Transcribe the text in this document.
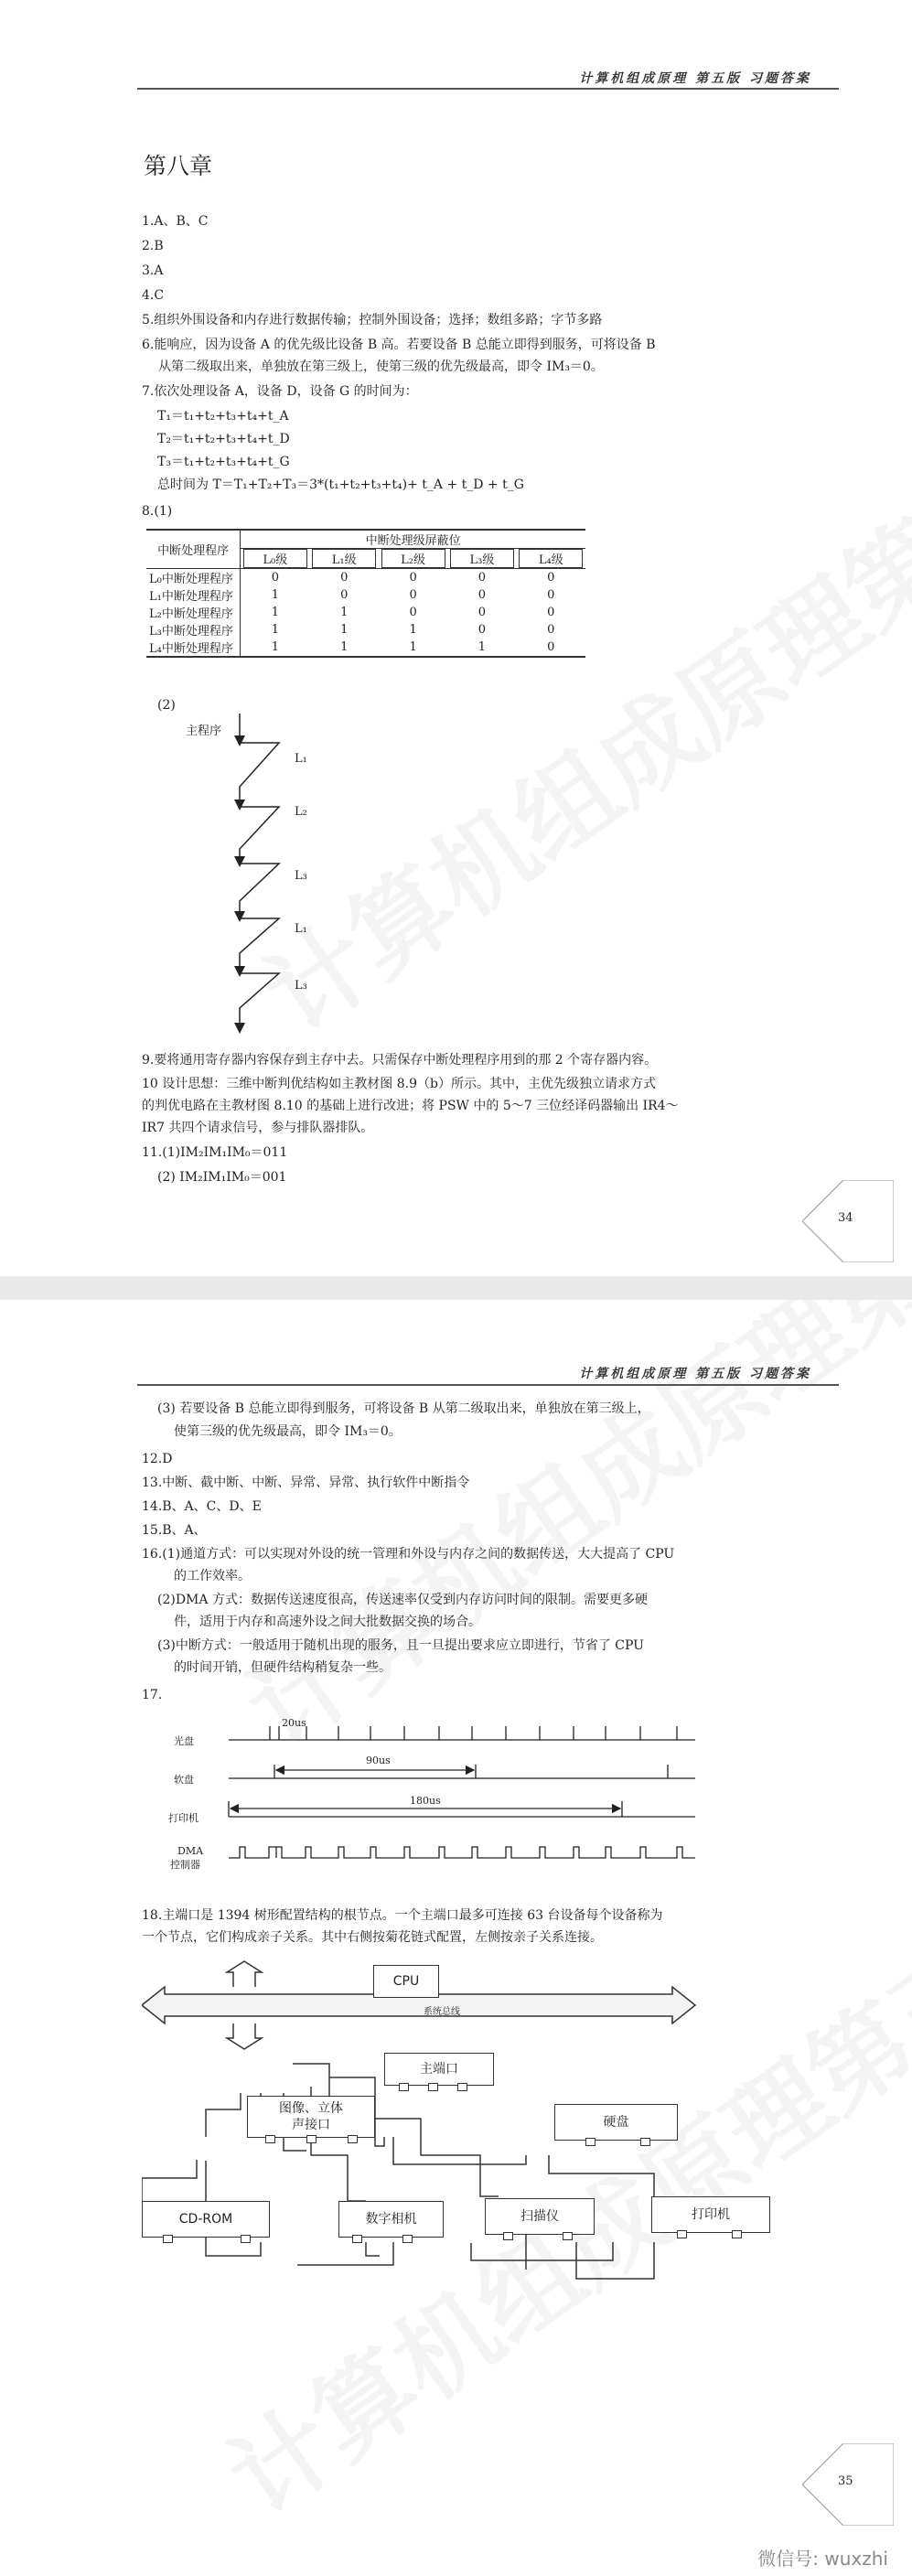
计算机组成原理 第五版 习题答案
第八章
1.A、B、C
2.B
3.A
4.C
5.组织外围设备和内存进行数据传输；控制外围设备；选择；数组多路；字节多路
6.能响应，因为设备 A 的优先级比设备 B 高。若要设备 B 总能立即得到服务，可将设备 B
从第二级取出来，单独放在第三级上，使第三级的优先级最高，即令 IM₃＝0。
7.依次处理设备 A，设备 D，设备 G 的时间为：
T₁＝t₁+t₂+t₃+t₄+t_A
T₂＝t₁+t₂+t₃+t₄+t_D
T₃＝t₁+t₂+t₃+t₄+t_G
总时间为 T＝T₁+T₂+T₃＝3*(t₁+t₂+t₃+t₄)+ t_A + t_D + t_G
8.(1)
中断处理程序	中断处理级屏蔽位				
	L₀级	L₁级	L₂级	L₃级	L₄级
L₀中断处理程序	0	0	0	0	0
L₁中断处理程序	1	0	0	0	0
L₂中断处理程序	1	1	0	0	0
L₃中断处理程序	1	1	1	0	0
L₄中断处理程序	1	1	1	1	0
(2)
主程序
L₁
L₂
L₃
L₁
L₃
9.要将通用寄存器内容保存到主存中去。只需保存中断处理程序用到的那 2 个寄存器内容。
10 设计思想：三维中断判优结构如主教材图 8.9（b）所示。其中，主优先级独立请求方式
的判优电路在主教材图 8.10 的基础上进行改进；将 PSW 中的 5～7 三位经译码器输出 IR4～
IR7 共四个请求信号，参与排队器排队。
11.(1)IM₂IM₁IM₀＝011
(2) IM₂IM₁IM₀＝001
34
计算机组成原理 第五版 习题答案
(3) 若要设备 B 总能立即得到服务，可将设备 B 从第二级取出来，单独放在第三级上，
使第三级的优先级最高，即令 IM₃＝0。
12.D
13.中断、截中断、中断、异常、异常、执行软件中断指令
14.B、A、C、D、E
15.B、A、
16.(1)通道方式：可以实现对外设的统一管理和外设与内存之间的数据传送，大大提高了 CPU
的工作效率。
(2)DMA 方式：数据传送速度很高，传送速率仅受到内存访问时间的限制。需要更多硬
件，适用于内存和高速外设之间大批数据交换的场合。
(3)中断方式：一般适用于随机出现的服务，且一旦提出要求应立即进行，节省了 CPU
的时间开销，但硬件结构稍复杂一些。
17.
光盘
软盘
打印机
DMA
控制器
20us
90us
180us
18.主端口是 1394 树形配置结构的根节点。一个主端口最多可连接 63 台设备每个设备称为
一个节点，它们构成亲子关系。其中右侧按菊花链式配置，左侧按亲子关系连接。
CPU
系统总线
主端口
图像、立体
声接口	硬盘
CD-ROM	数字相机	扫描仪	打印机
35
微信号: wuxzhi
